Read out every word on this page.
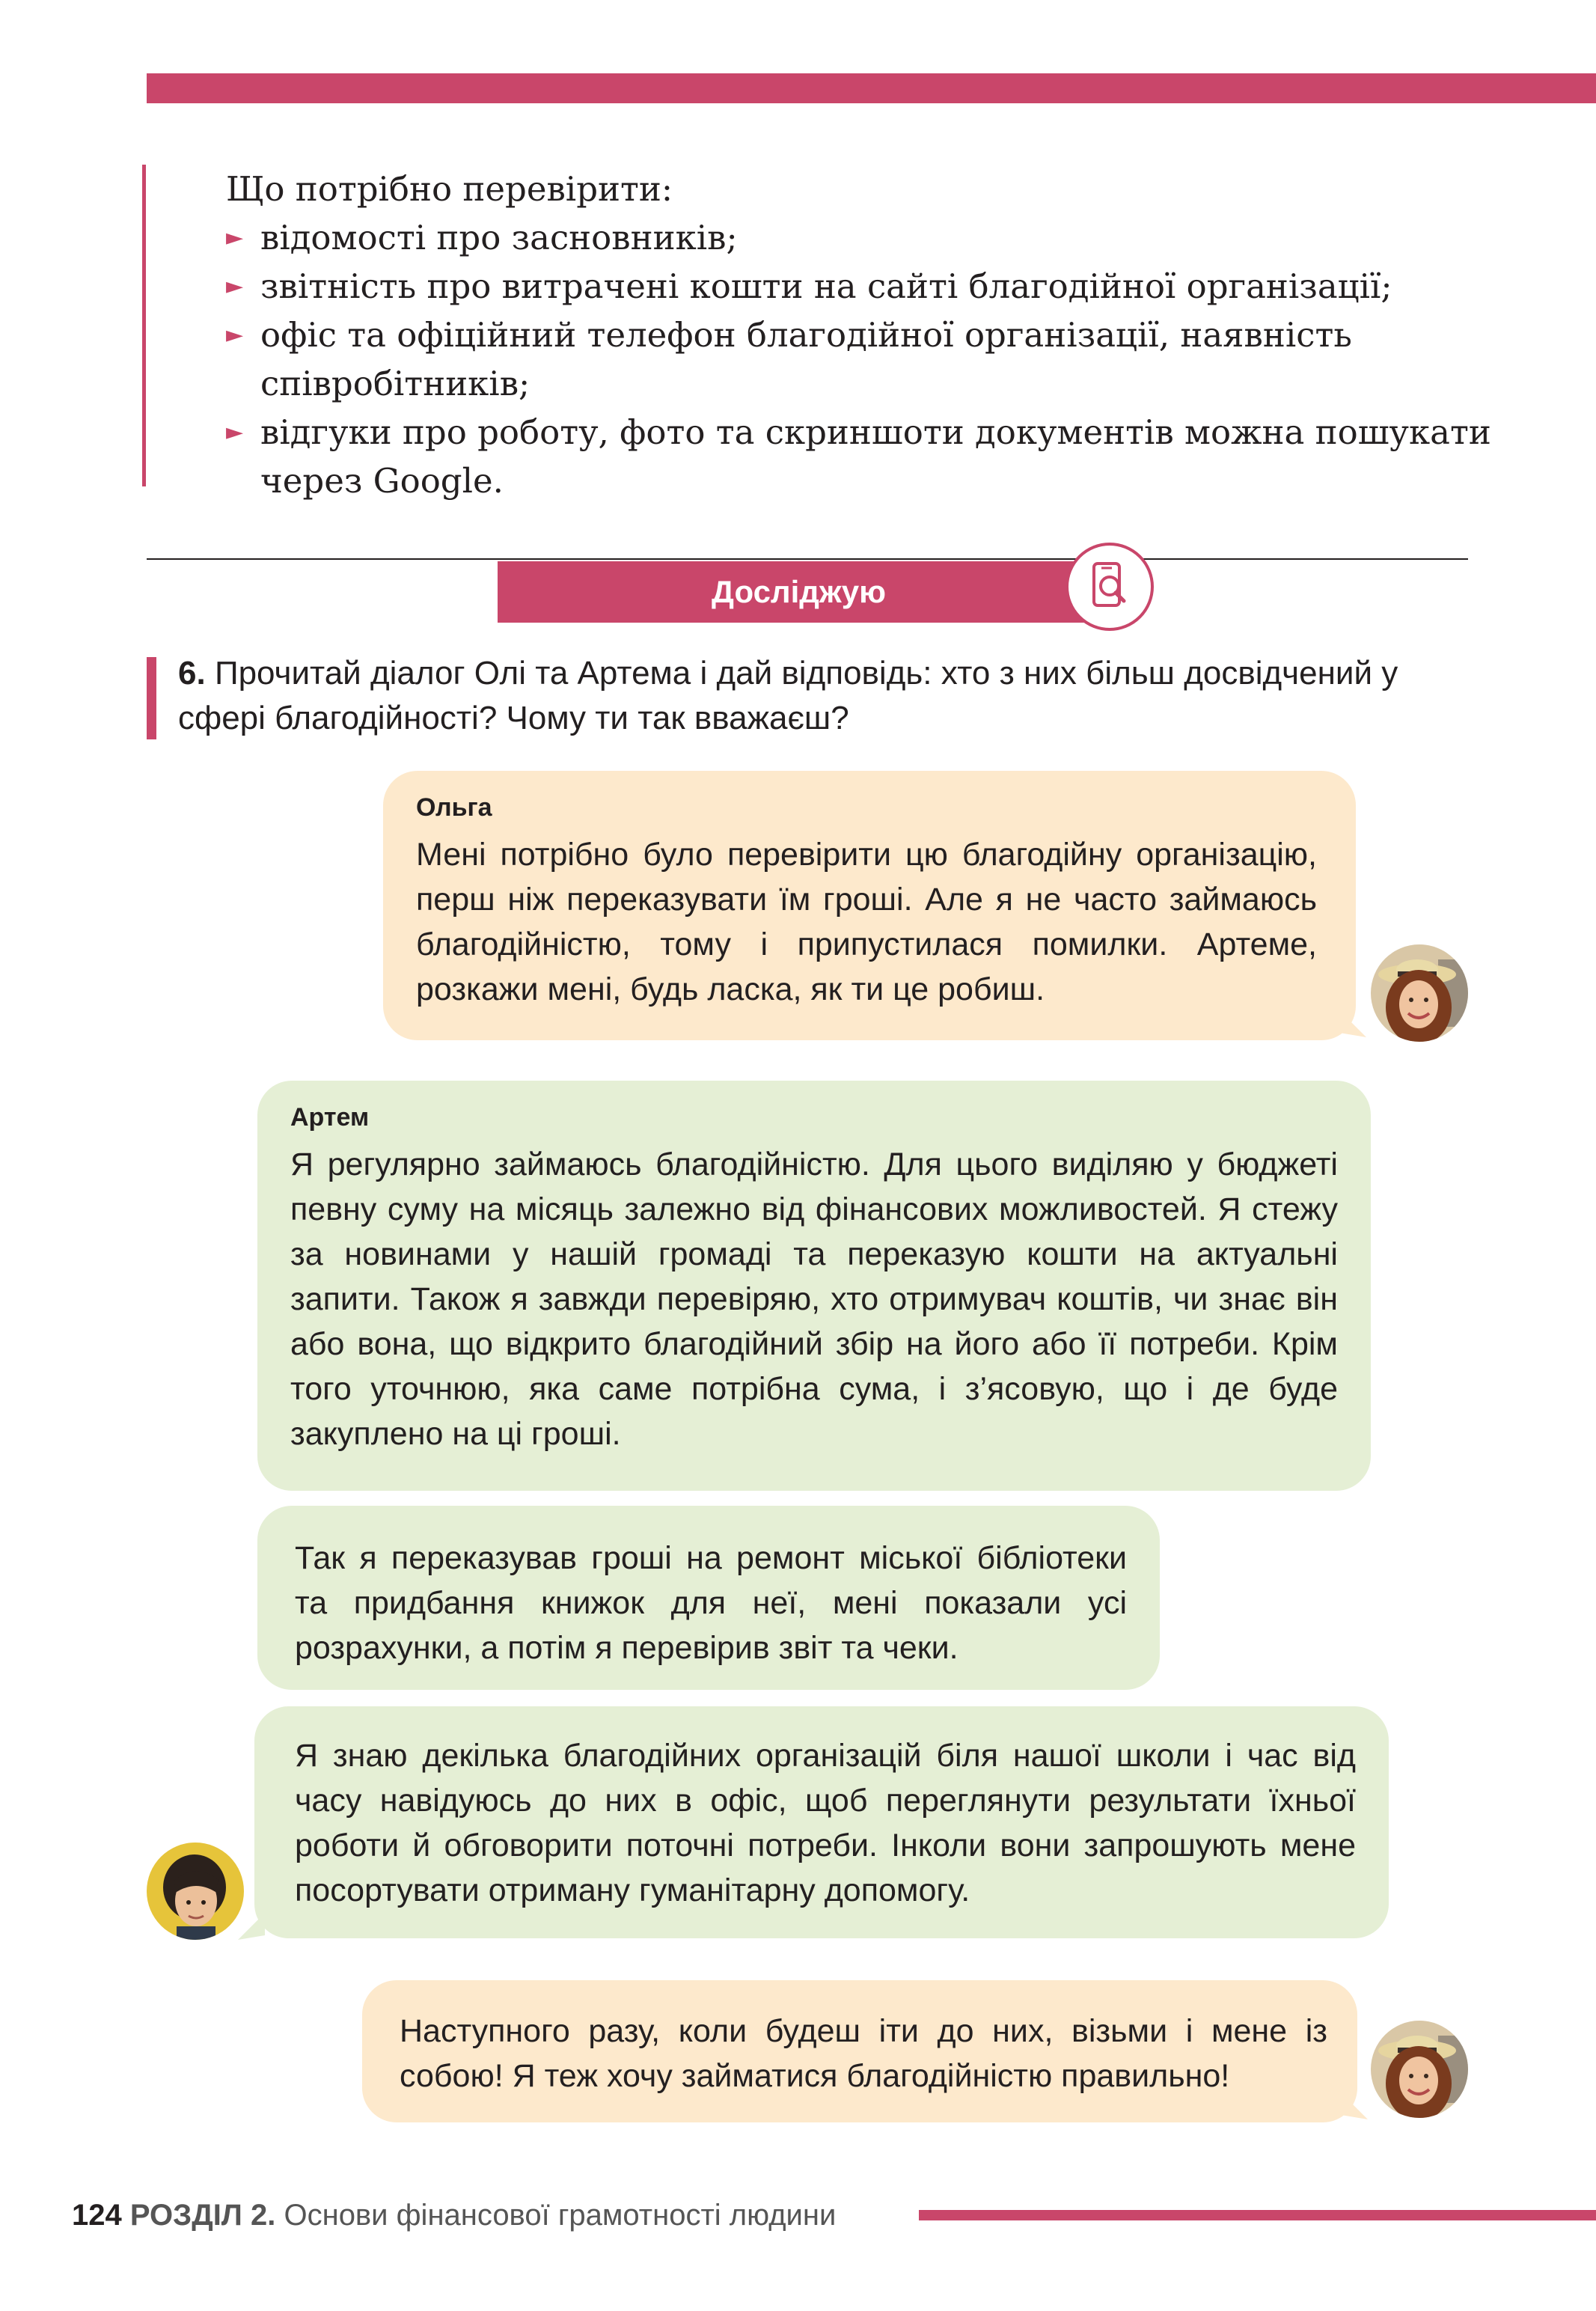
Що потрібно перевірити:

► відомості про засновників;
► звітність про витрачені кошти на сайті благодійної організації;
► офіс та офіційний телефон благодійної організації, наявність співробітників;
► відгуки про роботу, фото та скриншоти документів можна пошукати через Google.
Досліджую
6. Прочитай діалог Олі та Артема і дай відповідь: хто з них більш досвідчений у сфері благодійності? Чому ти так вважаєш?
Ольга

Мені потрібно було перевірити цю благодійну організацію, перш ніж переказувати їм гроші. Але я не часто займаюсь благодійністю, тому і припустилася помилки. Артеме, розкажи мені, будь ласка, як ти це робиш.

Артем

Я регулярно займаюсь благодійністю. Для цього виділяю у бюджеті певну суму на місяць залежно від фінансових можливостей. Я стежу за новинами у нашій громаді та переказую кошти на актуальні запити. Також я завжди перевіряю, хто отримувач коштів, чи знає він або вона, що відкрито благодійний збір на його або її потреби. Крім того уточнюю, яка саме потрібна сума, і з’ясовую, що і де буде закуплено на ці гроші.

Так я переказував гроші на ремонт міської бібліотеки та придбання книжок для неї, мені показали усі розрахунки, а потім я перевірив звіт та чеки.

Я знаю декілька благодійних організацій біля нашої школи і час від часу навідуюсь до них в офіс, щоб переглянути результати їхньої роботи й обговорити поточні потреби. Інколи вони запрошують мене посортувати отриману гуманітарну допомогу.

Наступного разу, коли будеш іти до них, візьми і мене із собою! Я теж хочу займатися благодійністю правильно!

124 РОЗДІЛ 2. Основи фінансової грамотності людини
